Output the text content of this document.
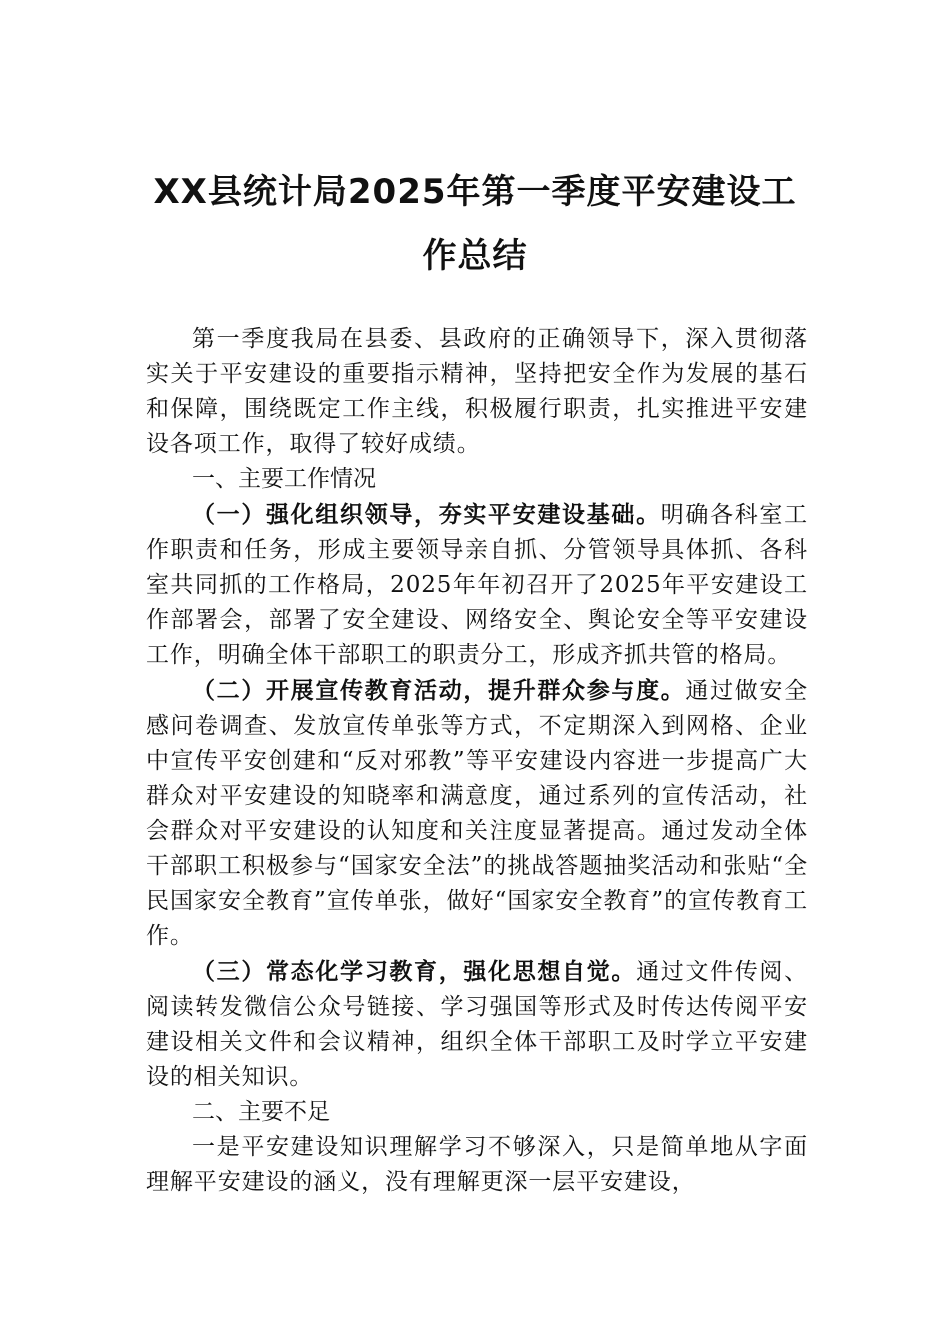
XX县统计局2025年第一季度平安建设工
作总结

第一季度我局在县委、县政府的正确领导下，深入贯彻落实关于平安建设的重要指示精神，坚持把安全作为发展的基石和保障，围绕既定工作主线，积极履行职责，扎实推进平安建设各项工作，取得了较好成绩。

一、主要工作情况

（一）强化组织领导，夯实平安建设基础。明确各科室工作职责和任务，形成主要领导亲自抓、分管领导具体抓、各科室共同抓的工作格局，2025年年初召开了2025年平安建设工作部署会，部署了安全建设、网络安全、舆论安全等平安建设工作，明确全体干部职工的职责分工，形成齐抓共管的格局。

（二）开展宣传教育活动，提升群众参与度。通过做安全感问卷调查、发放宣传单张等方式，不定期深入到网格、企业中宣传平安创建和“反对邪教”等平安建设内容进一步提高广大群众对平安建设的知晓率和满意度，通过系列的宣传活动，社会群众对平安建设的认知度和关注度显著提高。通过发动全体干部职工积极参与“国家安全法”的挑战答题抽奖活动和张贴“全民国家安全教育”宣传单张，做好“国家安全教育”的宣传教育工作。

（三）常态化学习教育，强化思想自觉。通过文件传阅、阅读转发微信公众号链接、学习强国等形式及时传达传阅平安建设相关文件和会议精神，组织全体干部职工及时学立平安建设的相关知识。

二、主要不足

一是平安建设知识理解学习不够深入，只是简单地从字面理解平安建设的涵义，没有理解更深一层平安建设，
